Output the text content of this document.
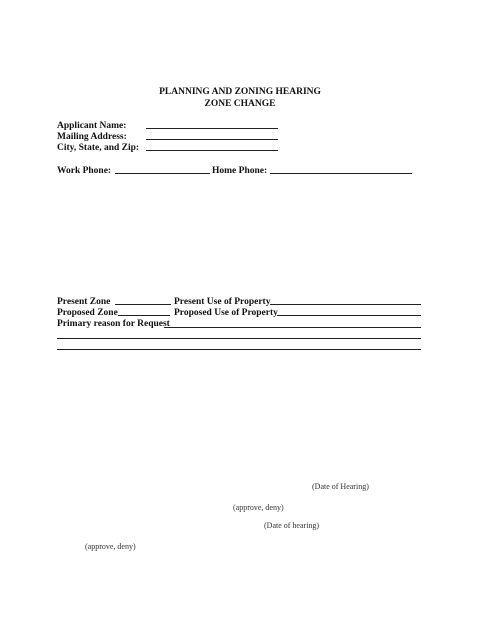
PLANNING AND ZONING HEARING
ZONE CHANGE
Applicant Name:
Mailing Address:
City, State, and Zip:
Work Phone:	Home Phone:
Present Zone	Present Use of Property
Proposed Zone	Proposed Use of Property
Primary reason for Request
(Date of Hearing)
(approve, deny)
(Date of hearing)
(approve, deny)
